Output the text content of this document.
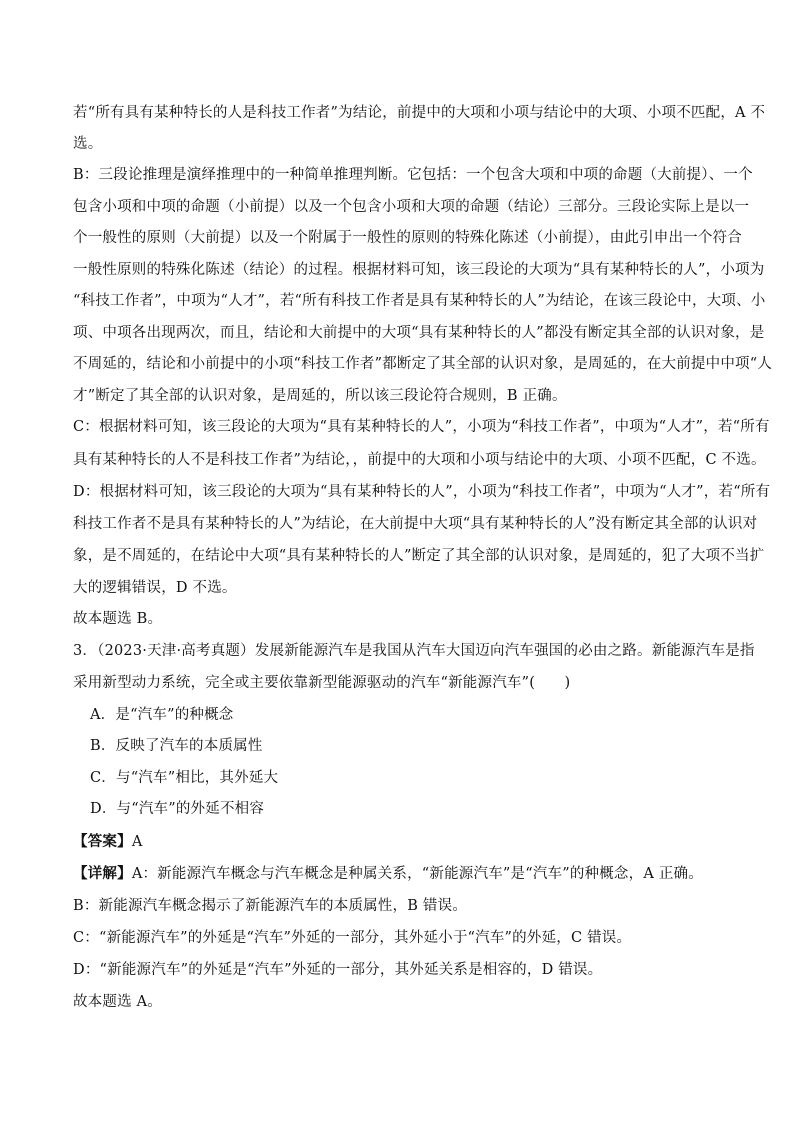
若“所有具有某种特长的人是科技工作者”为结论，前提中的大项和小项与结论中的大项、小项不匹配，A 不
选。
B：三段论推理是演绎推理中的一种简单推理判断。它包括：一个包含大项和中项的命题（大前提）、一个
包含小项和中项的命题（小前提）以及一个包含小项和大项的命题（结论）三部分。三段论实际上是以一
个一般性的原则（大前提）以及一个附属于一般性的原则的特殊化陈述（小前提），由此引申出一个符合
一般性原则的特殊化陈述（结论）的过程。根据材料可知，该三段论的大项为“具有某种特长的人”，小项为
“科技工作者”，中项为“人才”，若“所有科技工作者是具有某种特长的人”为结论，在该三段论中，大项、小
项、中项各出现两次，而且，结论和大前提中的大项“具有某种特长的人”都没有断定其全部的认识对象，是
不周延的，结论和小前提中的小项“科技工作者”都断定了其全部的认识对象，是周延的，在大前提中中项“人
才”断定了其全部的认识对象，是周延的，所以该三段论符合规则，B 正确。
C：根据材料可知，该三段论的大项为“具有某种特长的人”，小项为“科技工作者”，中项为“人才”，若“所有
具有某种特长的人不是科技工作者”为结论，，前提中的大项和小项与结论中的大项、小项不匹配，C 不选。
D：根据材料可知，该三段论的大项为“具有某种特长的人”，小项为“科技工作者”，中项为“人才”，若“所有
科技工作者不是具有某种特长的人”为结论，在大前提中大项“具有某种特长的人”没有断定其全部的认识对
象，是不周延的，在结论中大项“具有某种特长的人”断定了其全部的认识对象，是周延的，犯了大项不当扩
大的逻辑错误，D 不选。
故本题选 B。
3．（2023·天津·高考真题）发展新能源汽车是我国从汽车大国迈向汽车强国的必由之路。新能源汽车是指
采用新型动力系统，完全或主要依靠新型能源驱动的汽车“新能源汽车”(　　)
A．是“汽车”的种概念
B．反映了汽车的本质属性
C．与“汽车”相比，其外延大
D．与“汽车”的外延不相容
【答案】A
【详解】A：新能源汽车概念与汽车概念是种属关系，“新能源汽车”是“汽车”的种概念，A 正确。
B：新能源汽车概念揭示了新能源汽车的本质属性，B 错误。
C：“新能源汽车”的外延是“汽车”外延的一部分，其外延小于“汽车”的外延，C 错误。
D：“新能源汽车”的外延是“汽车”外延的一部分，其外延关系是相容的，D 错误。
故本题选 A。
